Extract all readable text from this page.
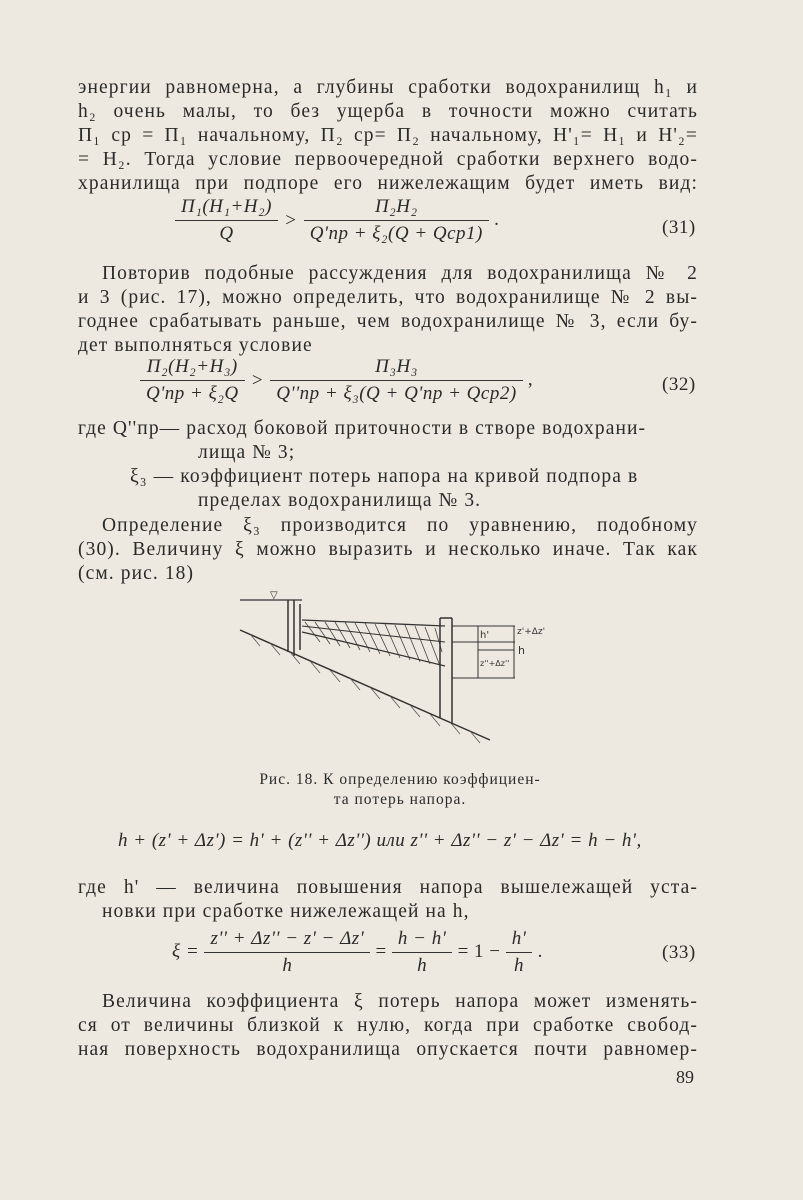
энергии равномерна, а глубины сработки водохранилищ h₁ и
h₂ очень малы, то без ущерба в точности можно считать
П₁ ср = П₁ начальному, П₂ ср= П₂ начальному, H'₁= H₁ и H'₂=
= H₂. Тогда условие первоочередной сработки верхнего водо-
хранилища при подпоре его нижележащим будет иметь вид:
$\frac{\text{П₁(H₁+H₂)}}{Q} > \frac{\text{П₂H₂}}{\text{Q'пр + ξ₂(Q + Qср1)}}$ .	(31)
Повторив подобные рассуждения для водохранилища № 2
и 3 (рис. 17), можно определить, что водохранилище № 2 вы-
годнее срабатывать раньше, чем водохранилище № 3, если бу-
дет выполняться условие
$\frac{\text{П₂(H₂+H₃)}}{\text{Q'пр + ξ₂Q}} > \frac{\text{П₃H₃}}{\text{Q''пр + ξ₃(Q + Q'пр + Qср2)}}$ ,	(32)
где Q''пр— расход боковой приточности в створе водохрани-
лища № 3;
ξ₃ — коэффициент потерь напора на кривой подпора в
пределах водохранилища № 3.
Определение ξ₃ производится по уравнению, подобному
(30). Величину ξ можно выразить и несколько иначе. Так как
(см. рис. 18)
▽
h'	z'+Δz'
z''+Δz''
h
Рис. 18. К определению коэффициен-
та потерь напора.
h + (z' + Δz') = h' + (z'' + Δz'') или z'' + Δz'' − z' − Δz' = h − h',
где h' — величина повышения напора вышележащей уста-
новки при сработке нижележащей на h,
$\xi = \frac{z'' + \Delta z'' - z' - \Delta z'}{h} = \frac{h - h'}{h} = 1 - \frac{h'}{h}$ .	(33)
Величина коэффициента ξ потерь напора может изменять-
ся от величины близкой к нулю, когда при сработке свобод-
ная поверхность водохранилища опускается почти равномер-
89
